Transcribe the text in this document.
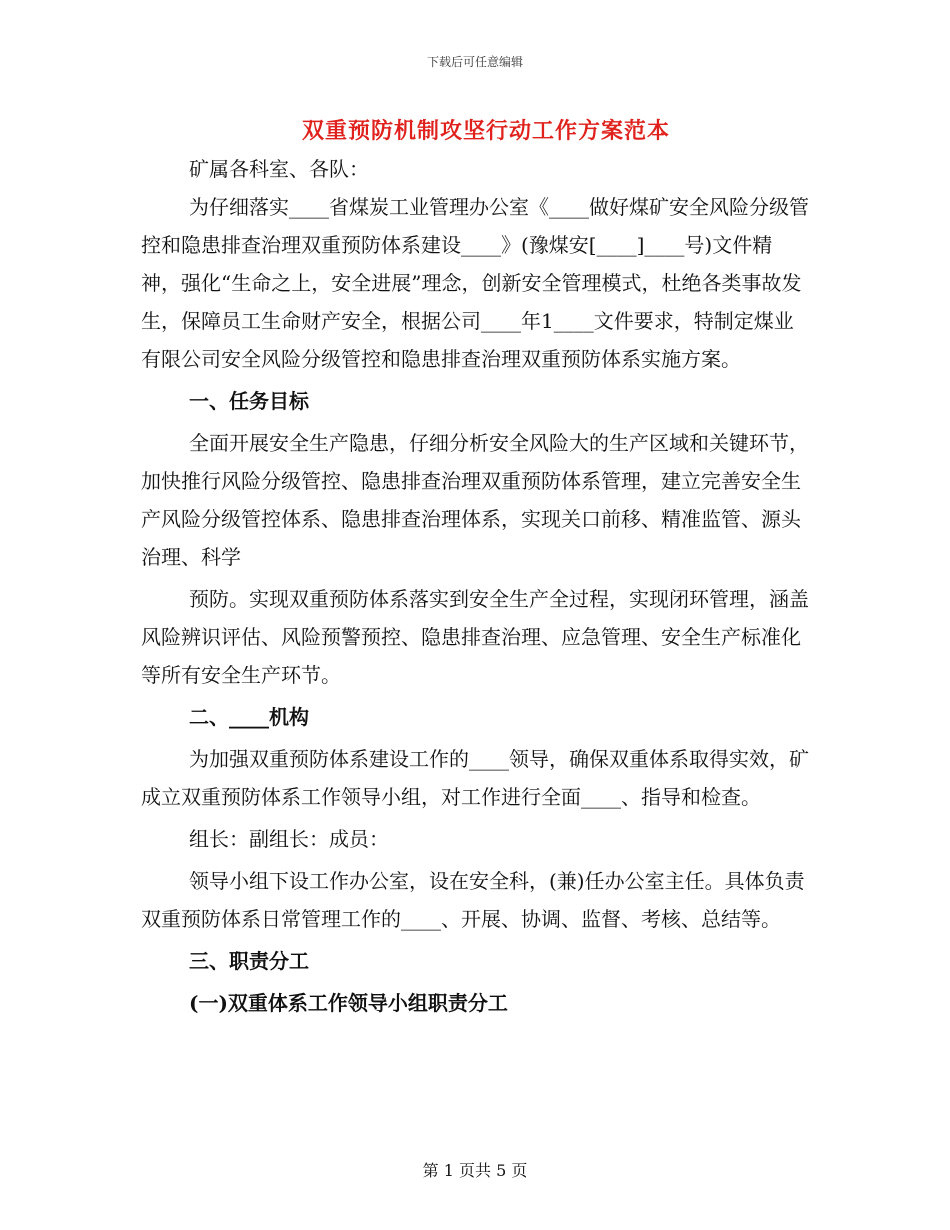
下载后可任意编辑
双重预防机制攻坚行动工作方案范本

矿属各科室、各队：

为仔细落实____省煤炭工业管理办公室《____做好煤矿安全风险分级管控和隐患排查治理双重预防体系建设____》(豫煤安[____]____号)文件精神，强化“生命之上，安全进展”理念，创新安全管理模式，杜绝各类事故发生，保障员工生命财产安全，根据公司____年1____文件要求，特制定煤业有限公司安全风险分级管控和隐患排查治理双重预防体系实施方案。

一、任务目标

全面开展安全生产隐患，仔细分析安全风险大的生产区域和关键环节，加快推行风险分级管控、隐患排查治理双重预防体系管理，建立完善安全生产风险分级管控体系、隐患排查治理体系，实现关口前移、精准监管、源头治理、科学

预防。实现双重预防体系落实到安全生产全过程，实现闭环管理，涵盖风险辨识评估、风险预警预控、隐患排查治理、应急管理、安全生产标准化等所有安全生产环节。

二、____机构

为加强双重预防体系建设工作的____领导，确保双重体系取得实效，矿成立双重预防体系工作领导小组，对工作进行全面____、指导和检查。

组长：副组长：成员：

领导小组下设工作办公室，设在安全科，(兼)任办公室主任。具体负责双重预防体系日常管理工作的____、开展、协调、监督、考核、总结等。

三、职责分工

(一)双重体系工作领导小组职责分工

第 1 页共 5 页
